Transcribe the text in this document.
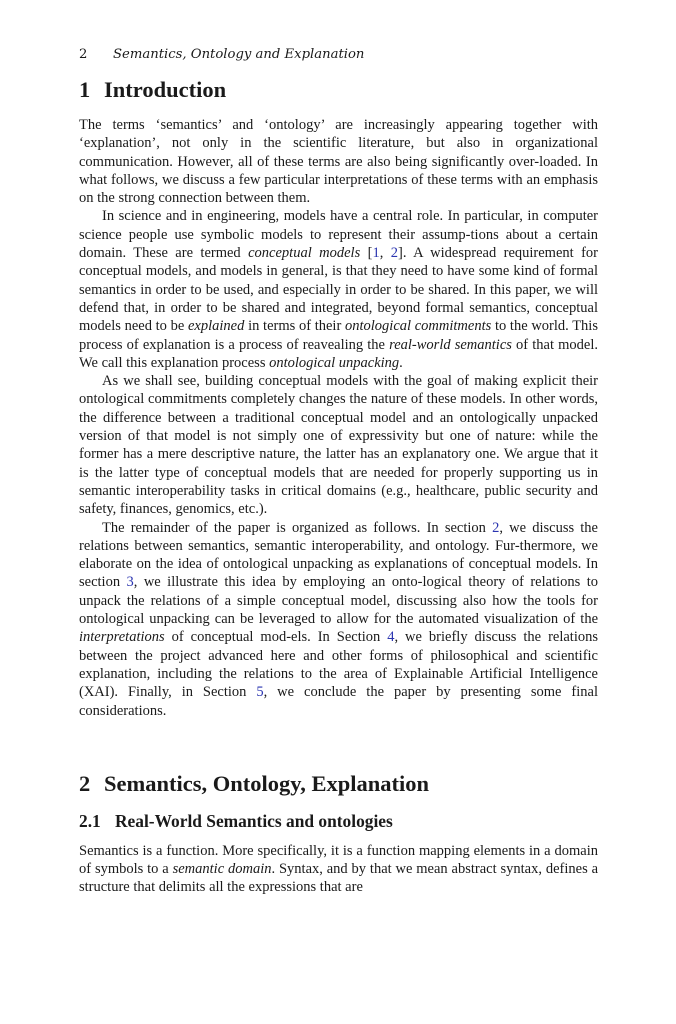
2 Semantics, Ontology and Explanation
1 Introduction

The terms ‘semantics’ and ‘ontology’ are increasingly appearing together with ‘explanation’, not only in the scientific literature, but also in organizational communication. However, all of these terms are also being significantly over-loaded. In what follows, we discuss a few particular interpretations of these terms with an emphasis on the strong connection between them.

In science and in engineering, models have a central role. In particular, in computer science people use symbolic models to represent their assump-tions about a certain domain. These are termed conceptual models [1, 2]. A widespread requirement for conceptual models, and models in general, is that they need to have some kind of formal semantics in order to be used, and especially in order to be shared. In this paper, we will defend that, in order to be shared and integrated, beyond formal semantics, conceptual models need to be explained in terms of their ontological commitments to the world. This process of explanation is a process of reavealing the real-world semantics of that model. We call this explanation process ontological unpacking.

As we shall see, building conceptual models with the goal of making explicit their ontological commitments completely changes the nature of these models. In other words, the difference between a traditional conceptual model and an ontologically unpacked version of that model is not simply one of expressivity but one of nature: while the former has a mere descriptive nature, the latter has an explanatory one. We argue that it is the latter type of conceptual models that are needed for properly supporting us in semantic interoperability tasks in critical domains (e.g., healthcare, public security and safety, finances, genomics, etc.).

The remainder of the paper is organized as follows. In section 2, we discuss the relations between semantics, semantic interoperability, and ontology. Fur-thermore, we elaborate on the idea of ontological unpacking as explanations of conceptual models. In section 3, we illustrate this idea by employing an onto-logical theory of relations to unpack the relations of a simple conceptual model, discussing also how the tools for ontological unpacking can be leveraged to allow for the automated visualization of the interpretations of conceptual mod-els. In Section 4, we briefly discuss the relations between the project advanced here and other forms of philosophical and scientific explanation, including the relations to the area of Explainable Artificial Intelligence (XAI). Finally, in Section 5, we conclude the paper by presenting some final considerations.

2 Semantics, Ontology, Explanation
2.1 Real-World Semantics and ontologies

Semantics is a function. More specifically, it is a function mapping elements in a domain of symbols to a semantic domain. Syntax, and by that we mean abstract syntax, defines a structure that delimits all the expressions that are
